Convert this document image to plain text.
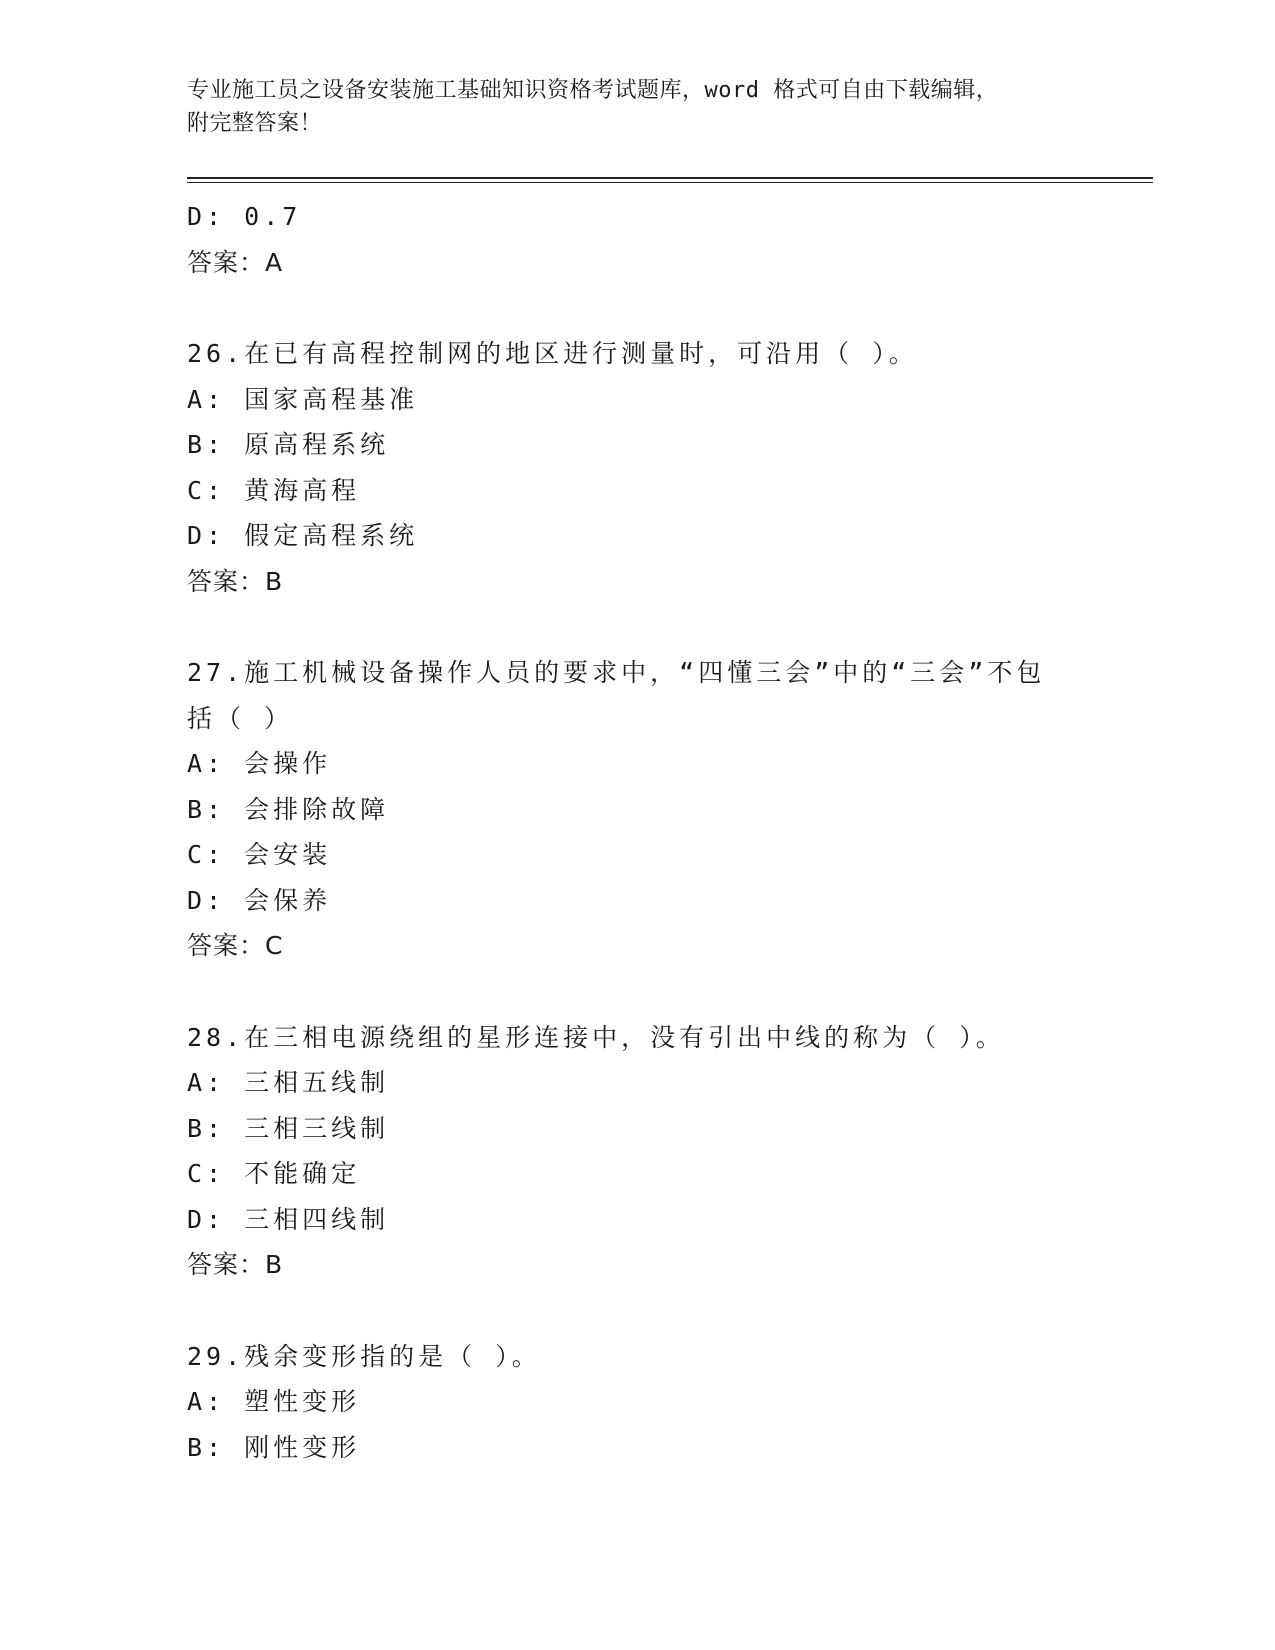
专业施工员之设备安装施工基础知识资格考试题库，word 格式可自由下载编辑，
附完整答案！
D: 0.7
答案：A
26.在已有高程控制网的地区进行测量时，可沿用（ ）。
A: 国家高程基准
B: 原高程系统
C: 黄海高程
D: 假定高程系统
答案：B
27.施工机械设备操作人员的要求中，“四懂三会”中的“三会”不包括（ ）
A: 会操作
B: 会排除故障
C: 会安装
D: 会保养
答案：C
28.在三相电源绕组的星形连接中，没有引出中线的称为（ ）。
A: 三相五线制
B: 三相三线制
C: 不能确定
D: 三相四线制
答案：B
29.残余变形指的是（ ）。
A: 塑性变形
B: 刚性变形
